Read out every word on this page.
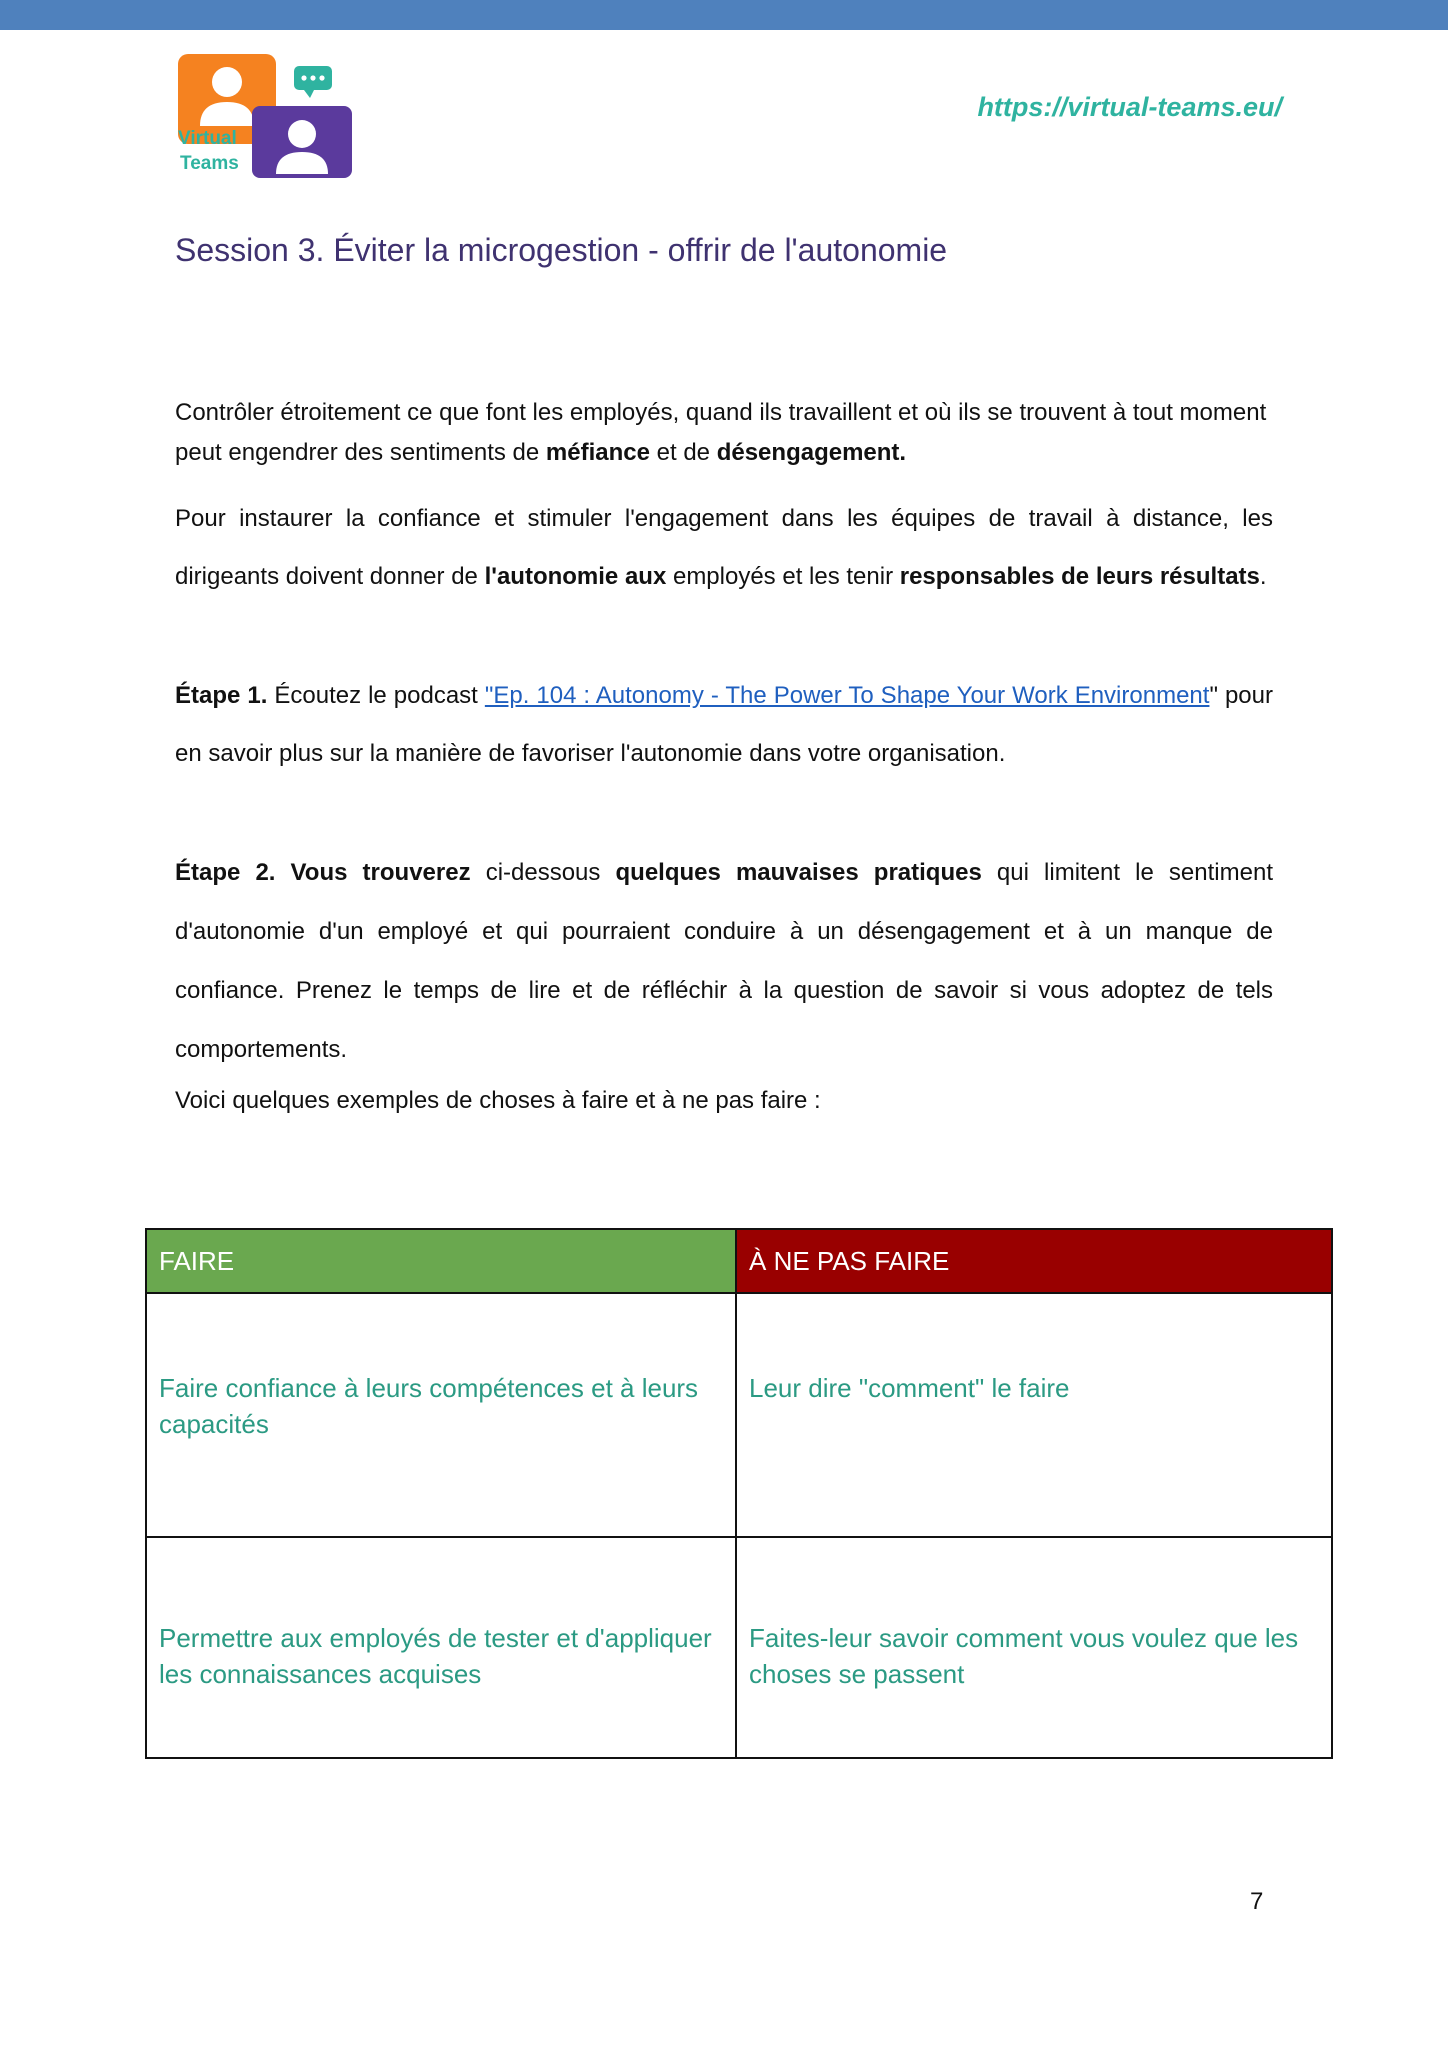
Virtual
Teams
https://virtual-teams.eu/
Session 3. Éviter la microgestion - offrir de l'autonomie

Contrôler étroitement ce que font les employés, quand ils travaillent et où ils se trouvent à tout moment peut engendrer des sentiments de méfiance et de désengagement.

Pour instaurer la confiance et stimuler l'engagement dans les équipes de travail à distance, les dirigeants doivent donner de l'autonomie aux employés et les tenir responsables de leurs résultats.

Étape 1. Écoutez le podcast "Ep. 104 : Autonomy - The Power To Shape Your Work Environment" pour en savoir plus sur la manière de favoriser l'autonomie dans votre organisation.

Étape 2. Vous trouverez ci-dessous quelques mauvaises pratiques qui limitent le sentiment d'autonomie d'un employé et qui pourraient conduire à un désengagement et à un manque de confiance. Prenez le temps de lire et de réfléchir à la question de savoir si vous adoptez de tels comportements.

Voici quelques exemples de choses à faire et à ne pas faire :

FAIRE	À NE PAS FAIRE
Faire confiance à leurs compétences et à leurs capacités	Leur dire "comment" le faire
Permettre aux employés de tester et d'appliquer les connaissances acquises	Faites-leur savoir comment vous voulez que les choses se passent
7
